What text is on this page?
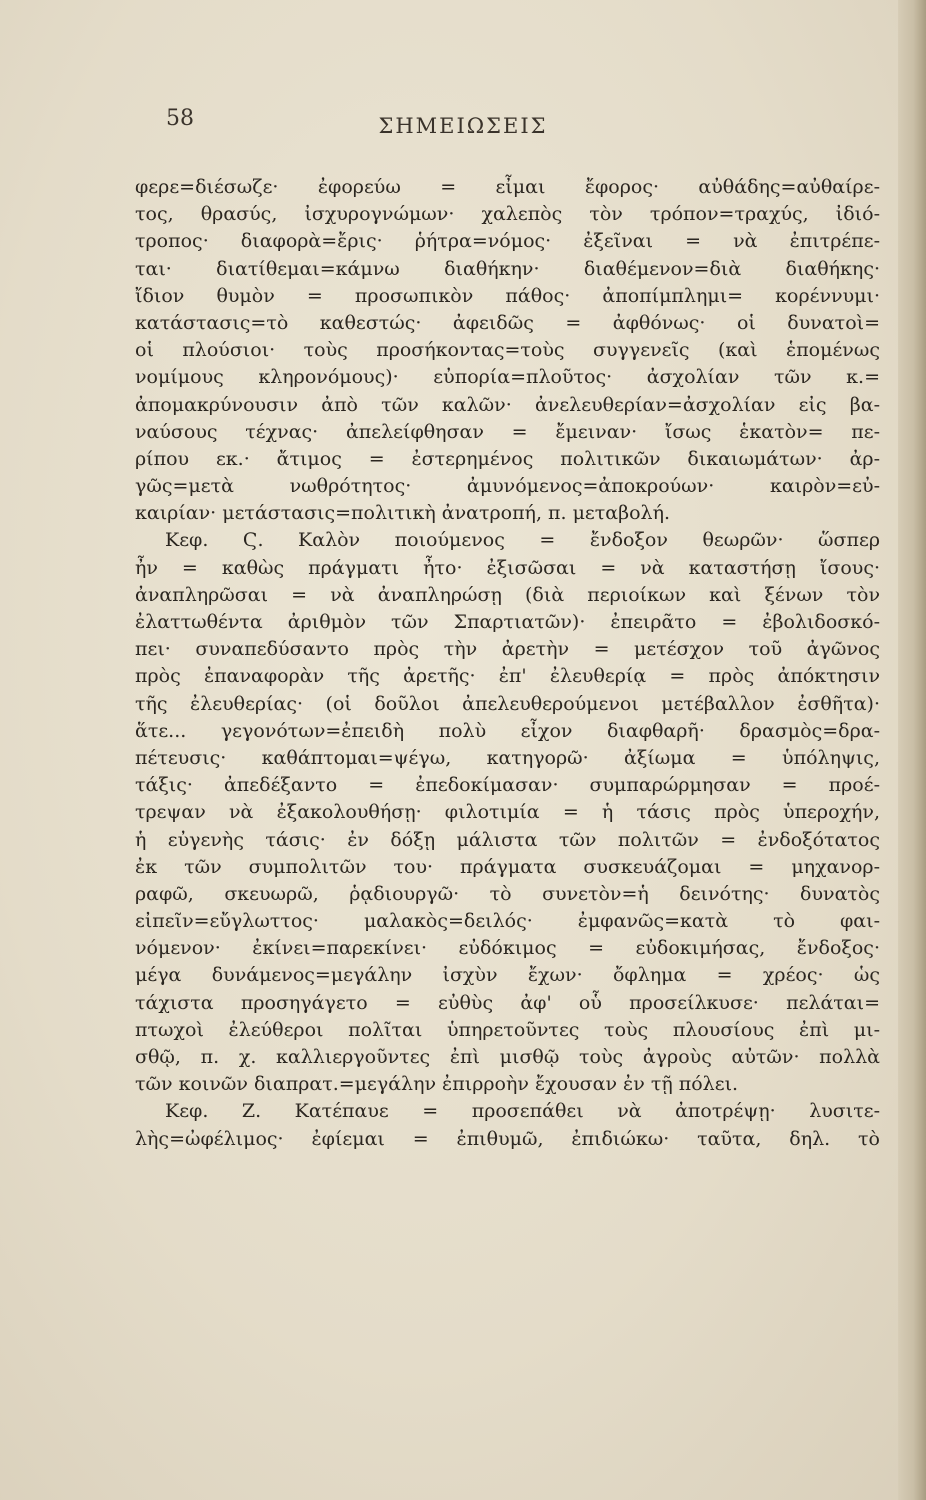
58	ΣΗΜΕΙΩΣΕΙΣ
φερε=διέσωζε· ἐφορεύω = εἶμαι ἔφορος· αὐθάδης=αὐθαίρε-
τος, θρασύς, ἰσχυρογνώμων· χαλεπὸς τὸν τρόπον=τραχύς, ἰδιό-
τροπος· διαφορὰ=ἔρις· ῥήτρα=νόμος· ἐξεῖναι = νὰ ἐπιτρέπε-
ται· διατίθεμαι=κάμνω διαθήκην· διαθέμενον=διὰ διαθήκης·
ἴδιον θυμὸν = προσωπικὸν πάθος· ἀποπίμπλημι= κορέννυμι·
κατάστασις=τὸ καθεστώς· ἀφειδῶς = ἀφθόνως· οἱ δυνατοὶ=
οἱ πλούσιοι· τοὺς προσήκοντας=τοὺς συγγενεῖς (καὶ ἑπομένως
νομίμους κληρονόμους)· εὐπορία=πλοῦτος· ἀσχολίαν τῶν κ.=
ἀπομακρύνουσιν ἀπὸ τῶν καλῶν· ἀνελευθερίαν=ἀσχολίαν εἰς βα-
ναύσους τέχνας· ἀπελείφθησαν = ἔμειναν· ἴσως ἑκατὸν= πε-
ρίπου εκ.· ἄτιμος = ἐστερημένος πολιτικῶν δικαιωμάτων· ἀρ-
γῶς=μετὰ νωθρότητος· ἀμυνόμενος=ἀποκρούων· καιρὸν=εὐ-
καιρίαν· μετάστασις=πολιτικὴ ἀνατροπή, π. μεταβολή.
Κεφ. Ϛ. Καλὸν ποιούμενος = ἔνδοξον θεωρῶν· ὥσπερ
ἦν = καθὼς πράγματι ἦτο· ἐξισῶσαι = νὰ καταστήσῃ ἴσους·
ἀναπληρῶσαι = νὰ ἀναπληρώσῃ (διὰ περιοίκων καὶ ξένων τὸν
ἐλαττωθέντα ἀριθμὸν τῶν Σπαρτιατῶν)· ἐπειρᾶτο = ἐβολιδοσκό-
πει· συναπεδύσαντο πρὸς τὴν ἀρετὴν = μετέσχον τοῦ ἀγῶνος
πρὸς ἐπαναφορὰν τῆς ἀρετῆς· ἐπ' ἐλευθερίᾳ = πρὸς ἀπόκτησιν
τῆς ἐλευθερίας· (οἱ δοῦλοι ἀπελευθερούμενοι μετέβαλλον ἐσθῆτα)·
ἅτε... γεγονότων=ἐπειδὴ πολὺ εἶχον διαφθαρῆ· δρασμὸς=δρα-
πέτευσις· καθάπτομαι=ψέγω, κατηγορῶ· ἀξίωμα = ὑπόληψις,
τάξις· ἀπεδέξαντο = ἐπεδοκίμασαν· συμπαρώρμησαν = προέ-
τρεψαν νὰ ἐξακολουθήσῃ· φιλοτιμία = ἡ τάσις πρὸς ὑπεροχήν,
ἡ εὐγενὴς τάσις· ἐν δόξῃ μάλιστα τῶν πολιτῶν = ἐνδοξότατος
ἐκ τῶν συμπολιτῶν του· πράγματα συσκευάζομαι = μηχανορ-
ραφῶ, σκευωρῶ, ῥᾳδιουργῶ· τὸ συνετὸν=ἡ δεινότης· δυνατὸς
εἰπεῖν=εὔγλωττος· μαλακὸς=δειλός· ἐμφανῶς=κατὰ τὸ φαι-
νόμενον· ἐκίνει=παρεκίνει· εὐδόκιμος = εὐδοκιμήσας, ἔνδοξος·
μέγα δυνάμενος=μεγάλην ἰσχὺν ἔχων· ὄφλημα = χρέος· ὡς
τάχιστα προσηγάγετο = εὐθὺς ἀφ' οὗ προσείλκυσε· πελάται=
πτωχοὶ ἐλεύθεροι πολῖται ὑπηρετοῦντες τοὺς πλουσίους ἐπὶ μι-
σθῷ, π. χ. καλλιεργοῦντες ἐπὶ μισθῷ τοὺς ἀγροὺς αὐτῶν· πολλὰ
τῶν κοινῶν διαπρατ.=μεγάλην ἐπιρροὴν ἔχουσαν ἐν τῇ πόλει.
Κεφ. Ζ. Κατέπαυε = προσεπάθει νὰ ἀποτρέψῃ· λυσιτε-
λὴς=ὠφέλιμος· ἐφίεμαι = ἐπιθυμῶ, ἐπιδιώκω· ταῦτα, δηλ. τὸ
